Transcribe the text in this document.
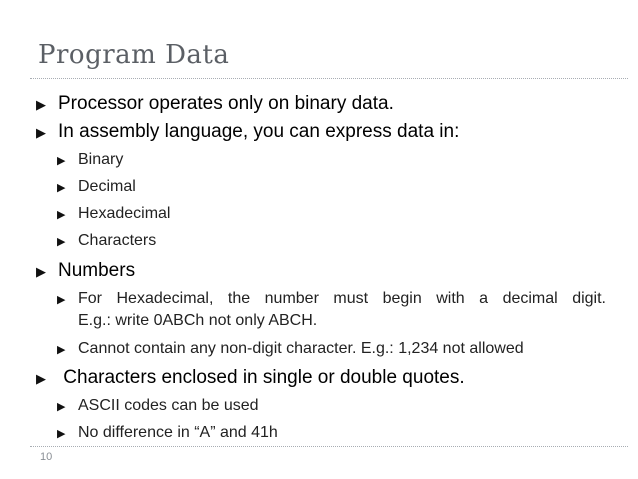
Program Data
▶ Processor operates only on binary data.
▶ In assembly language, you can express data in:
▶ Binary
▶ Decimal
▶ Hexadecimal
▶ Characters
▶ Numbers
▶ For Hexadecimal, the number must begin with a decimal digit.
E.g.: write 0ABCh not only ABCH.
▶ Cannot contain any non-digit character. E.g.: 1,234 not allowed
▶ Characters enclosed in single or double quotes.
▶ ASCII codes can be used
▶ No difference in “A” and 41h
10
